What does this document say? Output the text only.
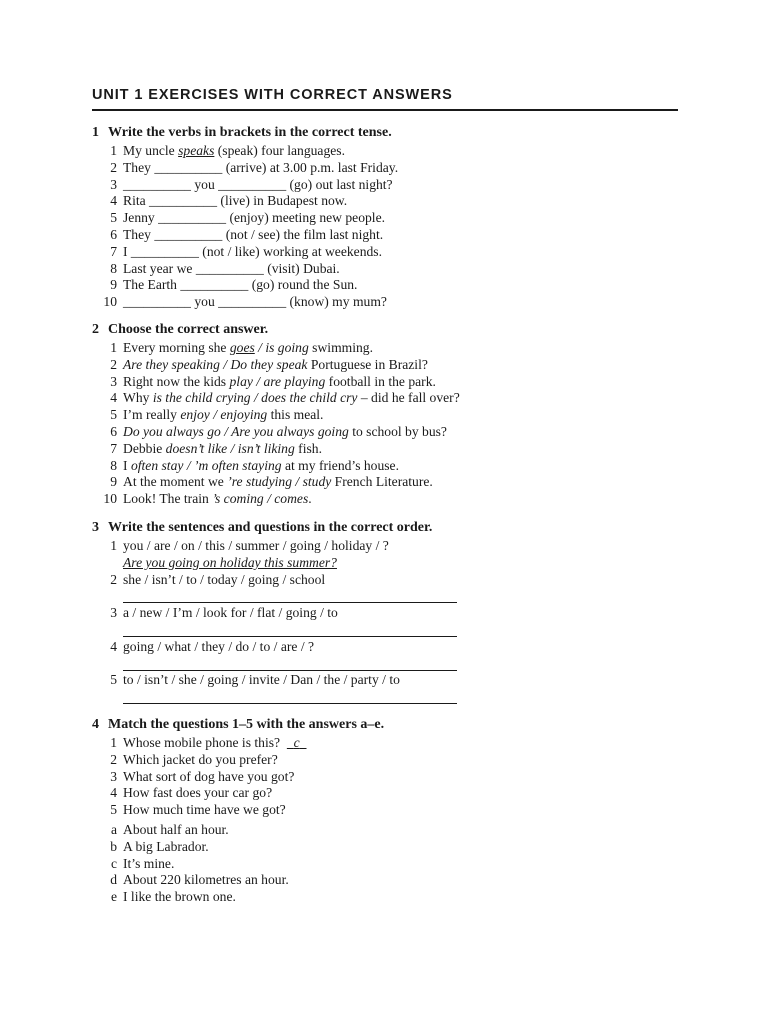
UNIT 1 EXERCISES WITH CORRECT ANSWERS
1 Write the verbs in brackets in the correct tense.
1 My uncle speaks (speak) four languages.
2 They __________ (arrive) at 3.00 p.m. last Friday.
3 __________ you __________ (go) out last night?
4 Rita __________ (live) in Budapest now.
5 Jenny __________ (enjoy) meeting new people.
6 They __________ (not / see) the film last night.
7 I __________ (not / like) working at weekends.
8 Last year we __________ (visit) Dubai.
9 The Earth __________ (go) round the Sun.
10 __________ you __________ (know) my mum?
2 Choose the correct answer.
1 Every morning she goes / is going swimming.
2 Are they speaking / Do they speak Portuguese in Brazil?
3 Right now the kids play / are playing football in the park.
4 Why is the child crying / does the child cry – did he fall over?
5 I’m really enjoy / enjoying this meal.
6 Do you always go / Are you always going to school by bus?
7 Debbie doesn’t like / isn’t liking fish.
8 I often stay / ’m often staying at my friend’s house.
9 At the moment we ’re studying / study French Literature.
10 Look! The train ’s coming / comes.
3 Write the sentences and questions in the correct order.
1 you / are / on / this / summer / going / holiday / ?
Are you going on holiday this summer?
2 she / isn’t / to / today / going / school
3 a / new / I’m / look for / flat / going / to
4 going / what / they / do / to / are / ?
5 to / isn’t / she / going / invite / Dan / the / party / to
4 Match the questions 1–5 with the answers a–e.
1 Whose mobile phone is this? c
2 Which jacket do you prefer?
3 What sort of dog have you got?
4 How fast does your car go?
5 How much time have we got?
a About half an hour.
b A big Labrador.
c It’s mine.
d About 220 kilometres an hour.
e I like the brown one.
